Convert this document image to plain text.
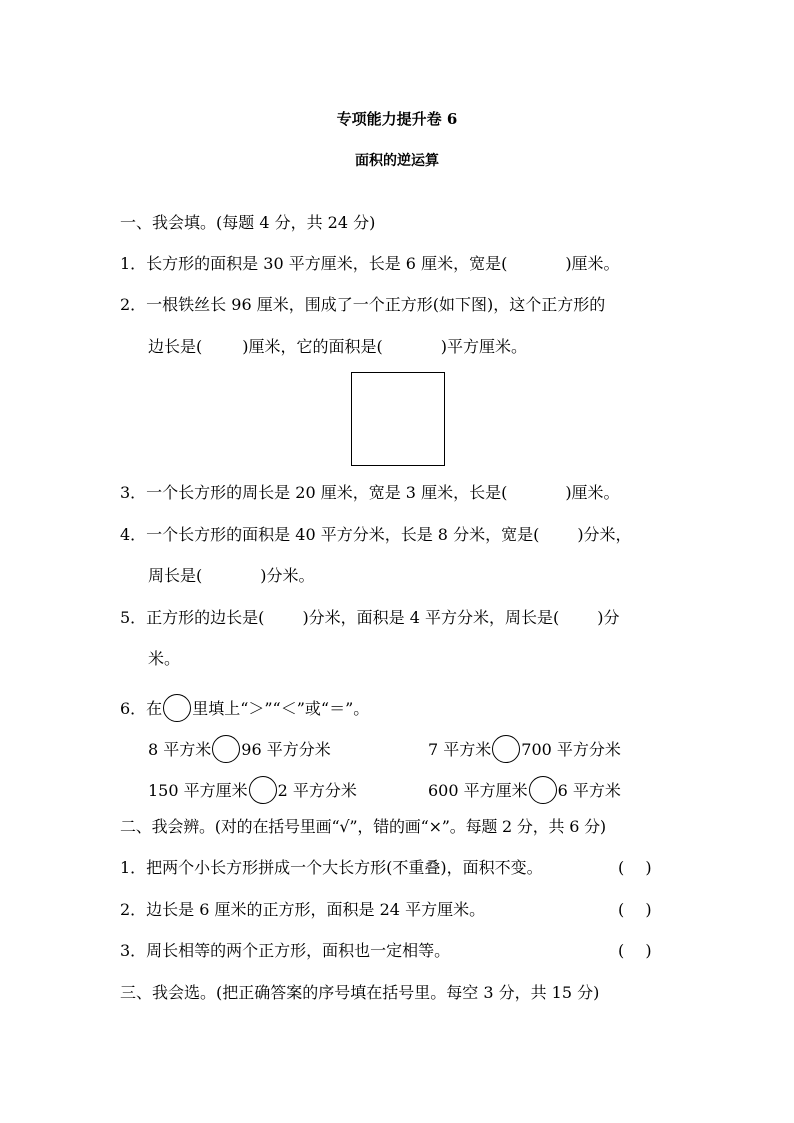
专项能力提升卷 6
面积的逆运算
一、我会填。(每题 4 分，共 24 分)
1．长方形的面积是 30 平方厘米，长是 6 厘米，宽是(	)厘米。
2．一根铁丝长 96 厘米，围成了一个正方形(如下图)，这个正方形的
边长是(	)厘米，它的面积是(	)平方厘米。
3．一个长方形的周长是 20 厘米，宽是 3 厘米，长是(	)厘米。
4．一个长方形的面积是 40 平方分米，长是 8 分米，宽是( )分米，
周长是(	)分米。
5．正方形的边长是( )分米，面积是 4 平方分米，周长是( )分
米。
6．在 里填上“＞”“＜”或“＝”。
8 平方米 96 平方分米	7 平方米 700 平方分米
150 平方厘米 2 平方分米	600 平方厘米 6 平方米
二、我会辨。(对的在括号里画“√”，错的画“×”。每题 2 分，共 6 分)
1．把两个小长方形拼成一个大长方形(不重叠)，面积不变。	(　 )
2．边长是 6 厘米的正方形，面积是 24 平方厘米。	(　 )
3．周长相等的两个正方形，面积也一定相等。	(　 )
三、我会选。(把正确答案的序号填在括号里。每空 3 分，共 15 分)
